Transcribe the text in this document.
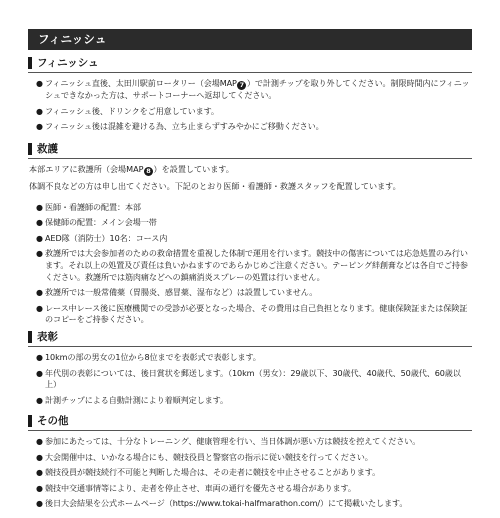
フィニッシュ
フィニッシュ
● フィニッシュ直後、太田川駅前ロータリー（会場MAP 7 ）で計測チップを取り外してください。制限時間内にフィニッシュできなかった方は、サポートコーナーへ返却してください。
● フィニッシュ後、ドリンクをご用意しています。
● フィニッシュ後は混雑を避ける為、立ち止まらずすみやかにご移動ください。
救護

本部エリアに救護所（会場MAP 8 ）を設置しています。

体調不良などの方は申し出てください。下記のとおり医師・看護師・救護スタッフを配置しています。

● 医師・看護師の配置：本部
● 保健師の配置：メイン会場一帯
● AED隊（消防士）10名：コース内
● 救護所では大会参加者のための救命措置を重視した体制で運用を行います。競技中の傷害については応急処置のみ行います。それ以上の処置及び責任は負いかねますのであらかじめご注意ください。テーピング絆創膏などは各自でご持参ください。救護所では筋肉痛などへの鎮痛消炎スプレーの処置は行いません。
● 救護所では一般常備薬（胃腸炎、感冒薬、湿布など）は設置していません。
● レース中レース後に医療機関での受診が必要となった場合、その費用は自己負担となります。健康保険証または保険証のコピーをご持参ください。
表彰
● 10kmの部の男女の1位から8位までを表彰式で表彰します。
● 年代別の表彰については、後日賞状を郵送します。（10km（男女）：29歳以下、30歳代、40歳代、50歳代、60歳以上）
● 計測チップによる自動計測により着順判定します。
その他
● 参加にあたっては、十分なトレーニング、健康管理を行い、当日体調が悪い方は競技を控えてください。
● 大会開催中は、いかなる場合にも、競技役員と警察官の指示に従い競技を行ってください。
● 競技役員が競技続行不可能と判断した場合は、その走者に競技を中止させることがあります。
● 競技中交通事情等により、走者を停止させ、車両の通行を優先させる場合があります。
● 後日大会結果を公式ホームページ（https://www.tokai-halfmarathon.com/）にて掲載いたします。
